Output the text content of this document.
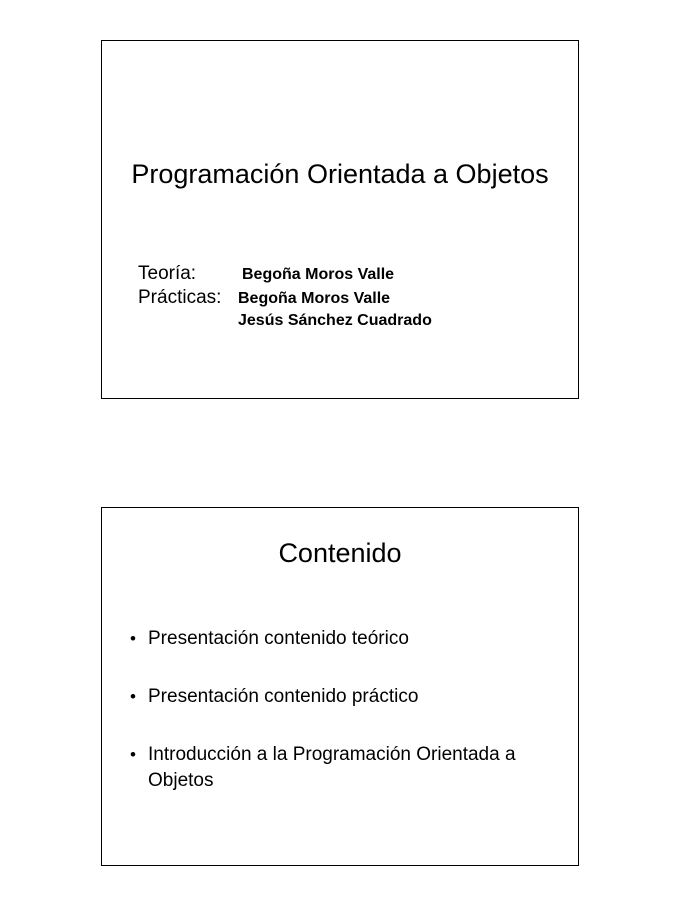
Programación Orientada a Objetos
Teoría:	Begoña Moros Valle
Prácticas: Begoña Moros Valle
Jesús Sánchez Cuadrado
Contenido
• Presentación contenido teórico
• Presentación contenido práctico
• Introducción a la Programación Orientada a Objetos
